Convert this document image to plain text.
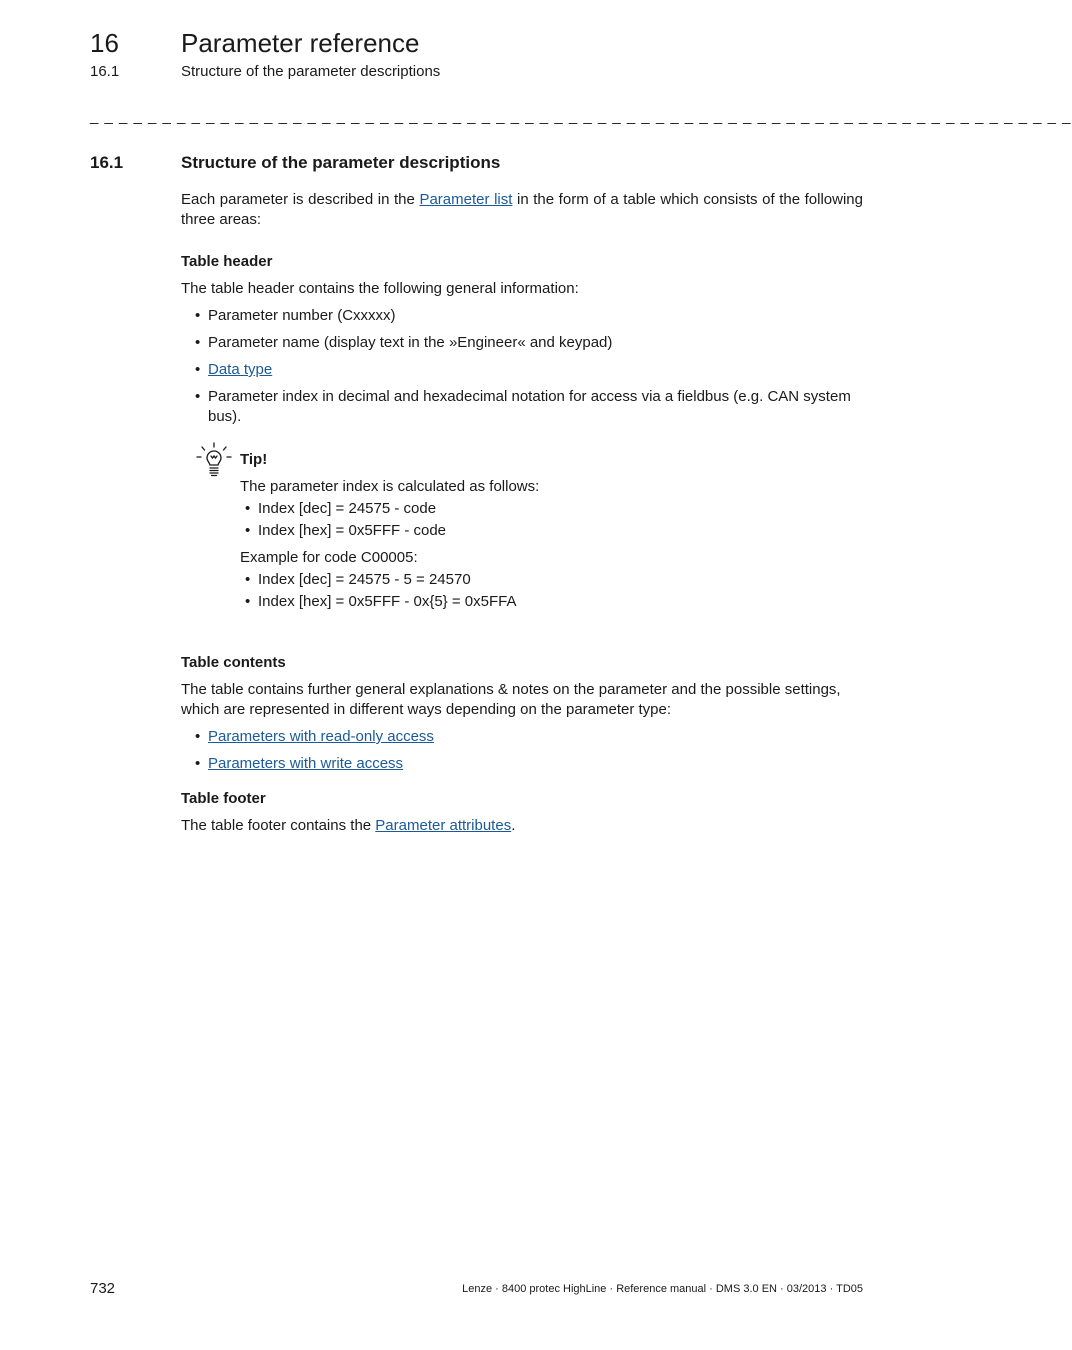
16 Parameter reference
16.1	Structure of the parameter descriptions
_ _ _ _ _ _ _ _ _ _ _ _ _ _ _ _ _ _ _ _ _ _ _ _ _ _ _ _ _ _ _ _ _ _ _ _ _ _ _ _ _ _ _ _ _ _ _ _ _ _ _ _ _ _ _ _ _ _ _ _ _ _ _ _ _ _ _ _
16.1	Structure of the parameter descriptions

Each parameter is described in the Parameter list in the form of a table which consists of the following three areas:

Table header

The table header contains the following general information:

• Parameter number (Cxxxxx)
• Parameter name (display text in the »Engineer« and keypad)
• Data type
• Parameter index in decimal and hexadecimal notation for access via a fieldbus (e.g. CAN system bus).
Tip!

The parameter index is calculated as follows:

• Index [dec] = 24575 - code
• Index [hex] = 0x5FFF - code

Example for code C00005:

• Index [dec] = 24575 - 5 = 24570
• Index [hex] = 0x5FFF - 0x{5} = 0x5FFA
Table contents

The table contains further general explanations & notes on the parameter and the possible settings, which are represented in different ways depending on the parameter type:

• Parameters with read-only access
• Parameters with write access
Table footer

The table footer contains the Parameter attributes.

732	Lenze · 8400 protec HighLine · Reference manual · DMS 3.0 EN · 03/2013 · TD05
